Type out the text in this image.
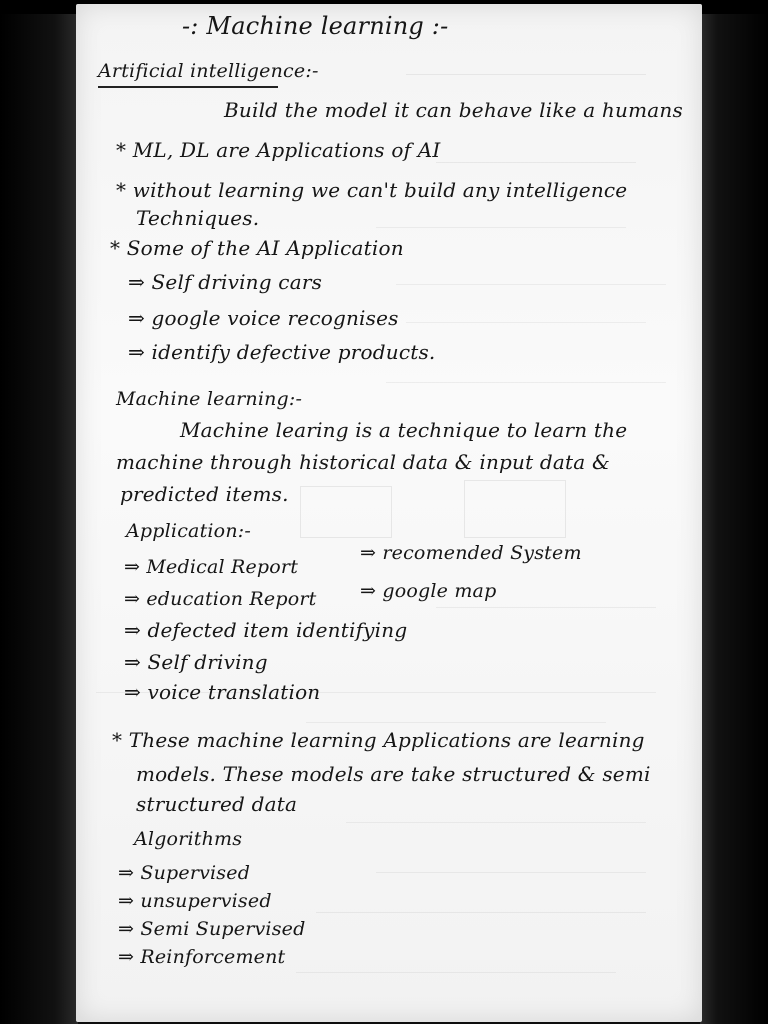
-: Machine learning :-
Artificial intelligence:-
Build the model it can behave like a humans
* ML, DL are Applications of AI
* without learning we can't build any intelligence
Techniques.
* Some of the AI Application
⇒ Self driving cars
⇒ google voice recognises
⇒ identify defective products.
Machine learning:-
Machine learing is a technique to learn the
machine through historical data & input data &
predicted items.
Application:-
⇒ Medical Report
⇒ recomended System
⇒ education Report ⇒ google map
⇒ defected item identifying
⇒ Self driving
⇒ voice translation
* These machine learning Applications are learning
models. These models are take structured & semi
structured data
Algorithms
⇒ Supervised
⇒ unsupervised
⇒ Semi Supervised
⇒ Reinforcement
